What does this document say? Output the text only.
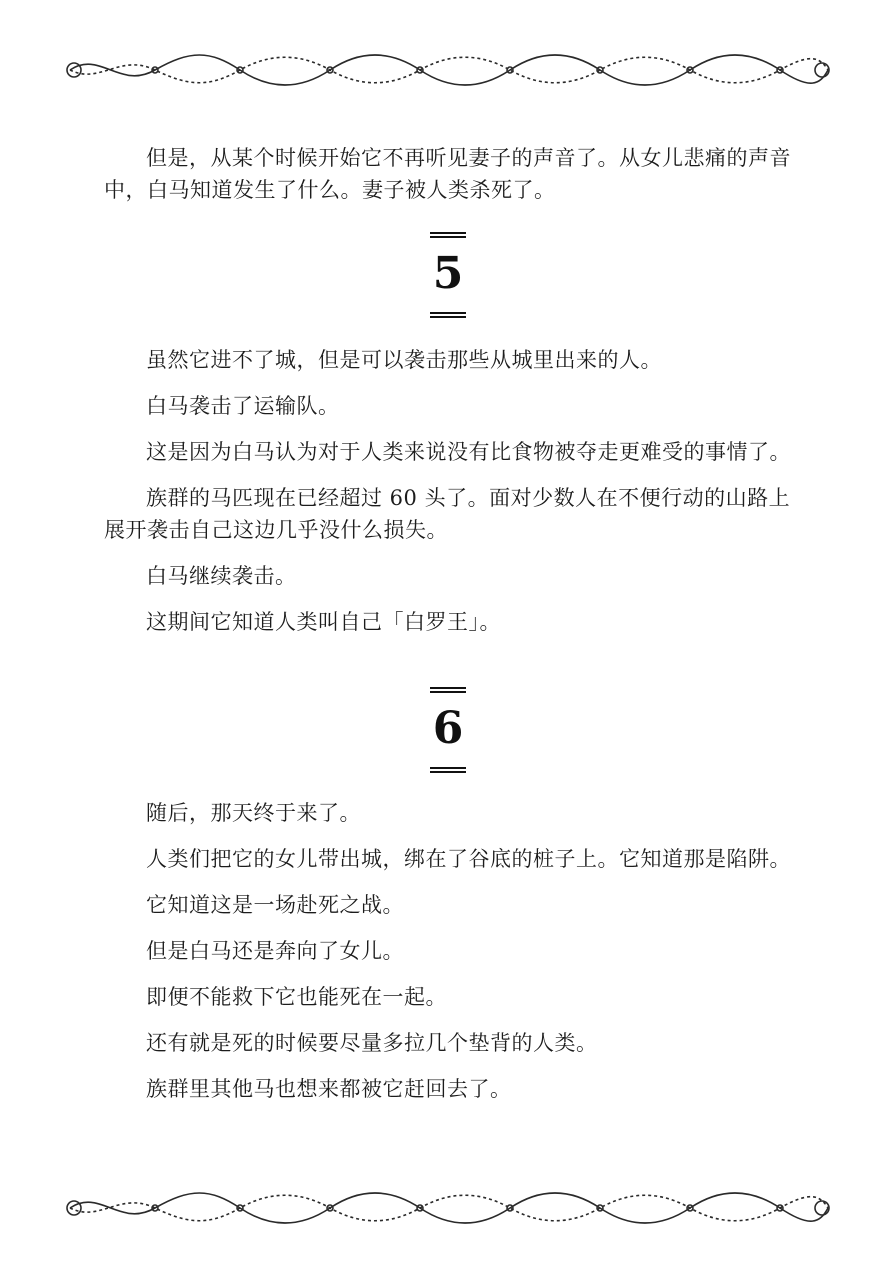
但是，从某个时候开始它不再听见妻子的声音了。从女儿悲痛的声音中，白马知道发生了什么。妻子被人类杀死了。

5

虽然它进不了城，但是可以袭击那些从城里出来的人。

白马袭击了运输队。

这是因为白马认为对于人类来说没有比食物被夺走更难受的事情了。

族群的马匹现在已经超过 60 头了。面对少数人在不便行动的山路上展开袭击自己这边几乎没什么损失。

白马继续袭击。

这期间它知道人类叫自己「白罗王」。

6

随后，那天终于来了。

人类们把它的女儿带出城，绑在了谷底的桩子上。它知道那是陷阱。

它知道这是一场赴死之战。

但是白马还是奔向了女儿。

即便不能救下它也能死在一起。

还有就是死的时候要尽量多拉几个垫背的人类。

族群里其他马也想来都被它赶回去了。
